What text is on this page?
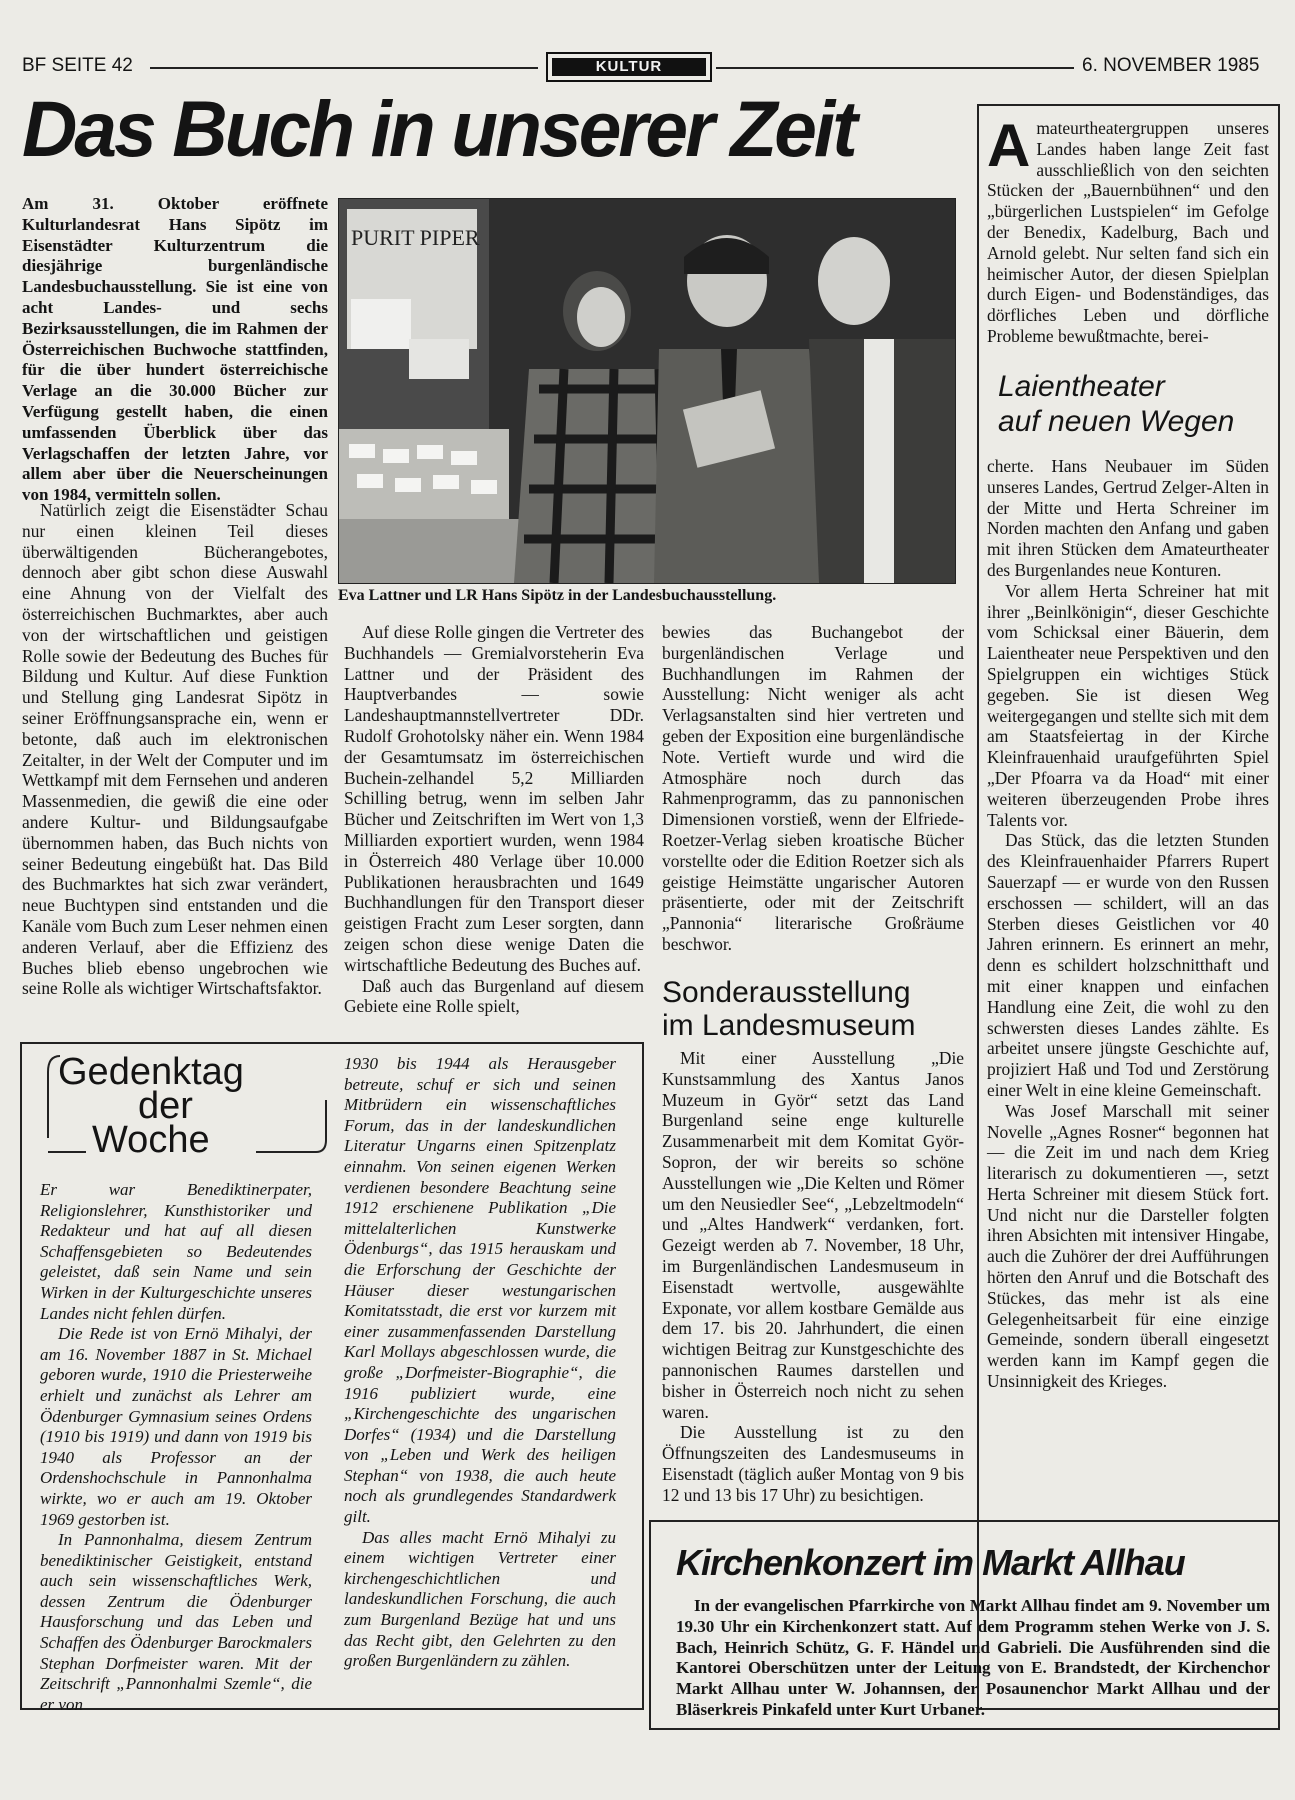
BF SEITE 42	KULTUR	6. NOVEMBER 1985
Das Buch in unserer Zeit
Am 31. Oktober eröffnete Kulturlandesrat Hans Sipötz im Eisenstädter Kulturzentrum die diesjährige burgenländische Landesbuchausstellung. Sie ist eine von acht Landes- und sechs Bezirksausstellungen, die im Rahmen der Österreichischen Buchwoche stattfinden, für die über hundert österreichische Verlage an die 30.000 Bücher zur Verfügung gestellt haben, die einen umfassenden Überblick über das Verlagschaffen der letzten Jahre, vor allem aber über die Neuerscheinungen von 1984, vermitteln sollen.
Natürlich zeigt die Eisenstädter Schau nur einen kleinen Teil dieses überwältigenden Bücherangebotes, dennoch aber gibt schon diese Auswahl eine Ahnung von der Vielfalt des österreichischen Buchmarktes, aber auch von der wirtschaftlichen und geistigen Rolle sowie der Bedeutung des Buches für Bildung und Kultur. Auf diese Funktion und Stellung ging Landesrat Sipötz in seiner Eröffnungsansprache ein, wenn er betonte, daß auch im elektronischen Zeitalter, in der Welt der Computer und im Wettkampf mit dem Fernsehen und anderen Massenmedien, die gewiß die eine oder andere Kultur- und Bildungsaufgabe übernommen haben, das Buch nichts von seiner Bedeutung eingebüßt hat. Das Bild des Buchmarktes hat sich zwar verändert, neue Buchtypen sind entstanden und die Kanäle vom Buch zum Leser nehmen einen anderen Verlauf, aber die Effizienz des Buches blieb ebenso ungebrochen wie seine Rolle als wichtiger Wirtschaftsfaktor.
PURIT PIPER
Eva Lattner und LR Hans Sipötz in der Landesbuchausstellung.

Auf diese Rolle gingen die Vertreter des Buchhandels — Gremialvorsteherin Eva Lattner und der Präsident des Hauptverbandes — sowie Landeshauptmannstellvertreter DDr. Rudolf Grohotolsky näher ein. Wenn 1984 der Gesamtumsatz im österreichischen Buchein-zelhandel 5,2 Milliarden Schilling betrug, wenn im selben Jahr Bücher und Zeitschriften im Wert von 1,3 Milliarden exportiert wurden, wenn 1984 in Österreich 480 Verlage über 10.000 Publikationen herausbrachten und 1649 Buchhandlungen für den Transport dieser geistigen Fracht zum Leser sorgten, dann zeigen schon diese wenige Daten die wirtschaftliche Bedeutung des Buches auf.

Daß auch das Burgenland auf diesem Gebiete eine Rolle spielt,

bewies das Buchangebot der burgenländischen Verlage und Buchhandlungen im Rahmen der Ausstellung: Nicht weniger als acht Verlagsanstalten sind hier vertreten und geben der Exposition eine burgenländische Note. Vertieft wurde und wird die Atmosphäre noch durch das Rahmenprogramm, das zu pannonischen Dimensionen vorstieß, wenn der Elfriede-Roetzer-Verlag sieben kroatische Bücher vorstellte oder die Edition Roetzer sich als geistige Heimstätte ungarischer Autoren präsentierte, oder mit der Zeitschrift „Pannonia“ literarische Großräume beschwor.
Sonderausstellung
im Landesmuseum

Mit einer Ausstellung „Die Kunstsammlung des Xantus Janos Muzeum in Györ“ setzt das Land Burgenland seine enge kulturelle Zusammenarbeit mit dem Komitat Györ-Sopron, der wir bereits so schöne Ausstellungen wie „Die Kelten und Römer um den Neusiedler See“, „Lebzeltmodeln“ und „Altes Handwerk“ verdanken, fort. Gezeigt werden ab 7. November, 18 Uhr, im Burgenländischen Landesmuseum in Eisenstadt wertvolle, ausgewählte Exponate, vor allem kostbare Gemälde aus dem 17. bis 20. Jahrhundert, die einen wichtigen Beitrag zur Kunstgeschichte des pannonischen Raumes darstellen und bisher in Österreich noch nicht zu sehen waren.

Die Ausstellung ist zu den Öffnungszeiten des Landesmuseums in Eisenstadt (täglich außer Montag von 9 bis 12 und 13 bis 17 Uhr) zu besichtigen.

Amateurtheatergruppen unseres Landes haben lange Zeit fast ausschließlich von den seichten Stücken der „Bauernbühnen“ und den „bürgerlichen Lustspielen“ im Gefolge der Benedix, Kadelburg, Bach und Arnold gelebt. Nur selten fand sich ein heimischer Autor, der diesen Spielplan durch Eigen- und Bodenständiges, das dörfliches Leben und dörfliche Probleme bewußtmachte, berei-
Laientheater
auf neuen Wegen

cherte. Hans Neubauer im Süden unseres Landes, Gertrud Zelger-Alten in der Mitte und Herta Schreiner im Norden machten den Anfang und gaben mit ihren Stücken dem Amateurtheater des Burgenlandes neue Konturen.

Vor allem Herta Schreiner hat mit ihrer „Beinlkönigin“, dieser Geschichte vom Schicksal einer Bäuerin, dem Laientheater neue Perspektiven und den Spielgruppen ein wichtiges Stück gegeben. Sie ist diesen Weg weitergegangen und stellte sich mit dem am Staatsfeiertag in der Kirche Kleinfrauenhaid uraufgeführten Spiel „Der Pfoarra va da Hoad“ mit einer weiteren überzeugenden Probe ihres Talents vor.

Das Stück, das die letzten Stunden des Kleinfrauenhaider Pfarrers Rupert Sauerzapf — er wurde von den Russen erschossen — schildert, will an das Sterben dieses Geistlichen vor 40 Jahren erinnern. Es erinnert an mehr, denn es schildert holzschnitthaft und mit einer knappen und einfachen Handlung eine Zeit, die wohl zu den schwersten dieses Landes zählte. Es arbeitet unsere jüngste Geschichte auf, projiziert Haß und Tod und Zerstörung einer Welt in eine kleine Gemeinschaft.

Was Josef Marschall mit seiner Novelle „Agnes Rosner“ begonnen hat — die Zeit im und nach dem Krieg literarisch zu dokumentieren —, setzt Herta Schreiner mit diesem Stück fort. Und nicht nur die Darsteller folgten ihren Absichten mit intensiver Hingabe, auch die Zuhörer der drei Aufführungen hörten den Anruf und die Botschaft des Stückes, das mehr ist als eine Gelegenheitsarbeit für eine einzige Gemeinde, sondern überall eingesetzt werden kann im Kampf gegen die Unsinnigkeit des Krieges.

Gedenktag
der
Woche

Er war Benediktinerpater, Religionslehrer, Kunsthistoriker und Redakteur und hat auf all diesen Schaffensgebieten so Bedeutendes geleistet, daß sein Name und sein Wirken in der Kulturgeschichte unseres Landes nicht fehlen dürfen.

Die Rede ist von Ernö Mihalyi, der am 16. November 1887 in St. Michael geboren wurde, 1910 die Priesterweihe erhielt und zunächst als Lehrer am Ödenburger Gymnasium seines Ordens (1910 bis 1919) und dann von 1919 bis 1940 als Professor an der Ordenshochschule in Pannonhalma wirkte, wo er auch am 19. Oktober 1969 gestorben ist.

In Pannonhalma, diesem Zentrum benediktinischer Geistigkeit, entstand auch sein wissenschaftliches Werk, dessen Zentrum die Ödenburger Hausforschung und das Leben und Schaffen des Ödenburger Barockmalers Stephan Dorfmeister waren. Mit der Zeitschrift „Pannonhalmi Szemle“, die er von

1930 bis 1944 als Herausgeber betreute, schuf er sich und seinen Mitbrüdern ein wissenschaftliches Forum, das in der landeskundlichen Literatur Ungarns einen Spitzenplatz einnahm. Von seinen eigenen Werken verdienen besondere Beachtung seine 1912 erschienene Publikation „Die mittelalterlichen Kunstwerke Ödenburgs“, das 1915 herauskam und die Erforschung der Geschichte der Häuser dieser westungarischen Komitatsstadt, die erst vor kurzem mit einer zusammenfassenden Darstellung Karl Mollays abgeschlossen wurde, die große „Dorfmeister-Biographie“, die 1916 publiziert wurde, eine „Kirchengeschichte des ungarischen Dorfes“ (1934) und die Darstellung von „Leben und Werk des heiligen Stephan“ von 1938, die auch heute noch als grundlegendes Standardwerk gilt.

Das alles macht Ernö Mihalyi zu einem wichtigen Vertreter einer kirchengeschichtlichen und landeskundlichen Forschung, die auch zum Burgenland Bezüge hat und uns das Recht gibt, den Gelehrten zu den großen Burgenländern zu zählen.

Kirchenkonzert im Markt Allhau
In der evangelischen Pfarrkirche von Markt Allhau findet am 9. November um 19.30 Uhr ein Kirchenkonzert statt. Auf dem Programm stehen Werke von J. S. Bach, Heinrich Schütz, G. F. Händel und Gabrieli. Die Ausführenden sind die Kantorei Oberschützen unter der Leitung von E. Brandstedt, der Kirchenchor Markt Allhau unter W. Johannsen, der Posaunenchor Markt Allhau und der Bläserkreis Pinkafeld unter Kurt Urbaner.
